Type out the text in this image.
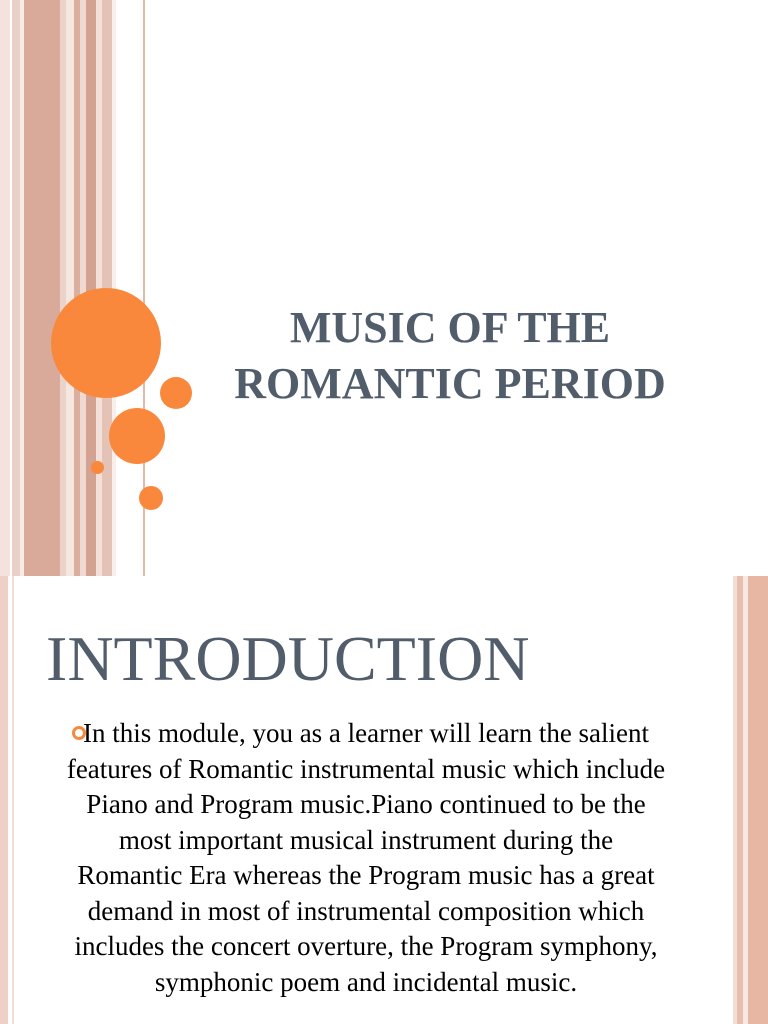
MUSIC OF THE ROMANTIC PERIOD
INTRODUCTION

In this module, you as a learner will learn the salient features of Romantic instrumental music which include Piano and Program music.Piano continued to be the most important musical instrument during the Romantic Era whereas the Program music has a great demand in most of instrumental composition which includes the concert overture, the Program symphony, symphonic poem and incidental music.
